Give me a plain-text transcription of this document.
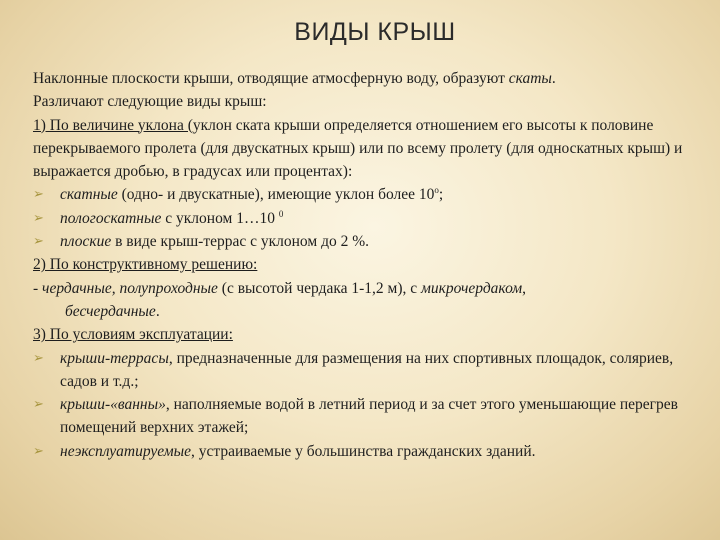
ВИДЫ КРЫШ

Наклонные плоскости крыши, отводящие атмосферную воду, образуют скаты.

Различают следующие виды крыш:

1) По величине уклона (уклон ската крыши определяется отношением его высоты к половине перекрываемого пролета (для двускатных крыш) или по всему пролету (для односкатных крыш) и выражается дробью, в градусах или процентах):

➢ скатные (одно- и двускатные), имеющие уклон более $10^о$;
➢ пологоскатные с уклоном 1…10 $^0$
➢ плоские в виде крыш-террас с уклоном до 2 %.

2) По конструктивному решению:

- чердачные, полупроходные (с высотой чердака 1-1,2 м), с микрочердаком,

бесчердачные.

3) По условиям эксплуатации:

➢ крыши-террасы, предназначенные для размещения на них спортивных площадок, соляриев, садов и т.д.;
➢ крыши-«ванны», наполняемые водой в летний период и за счет этого уменьшающие перегрев помещений верхних этажей;
➢ неэксплуатируемые, устраиваемые у большинства гражданских зданий.
